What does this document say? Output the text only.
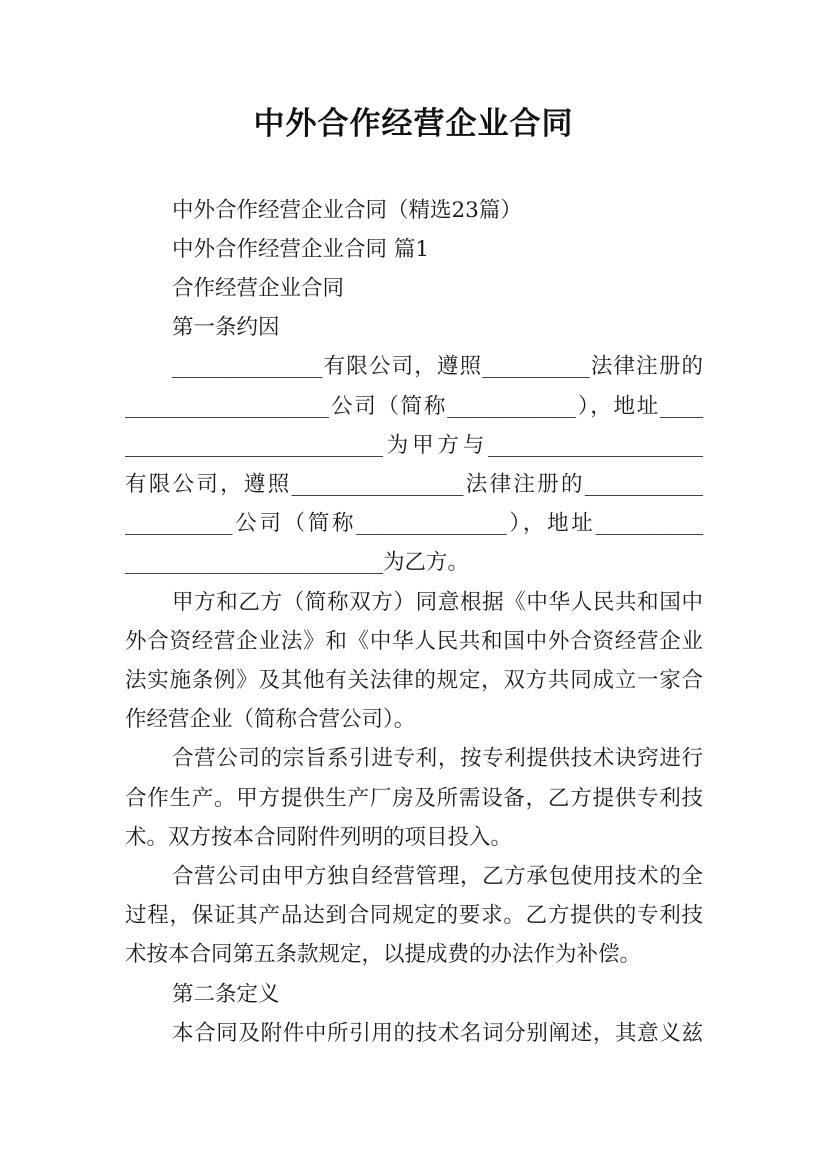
中外合作经营企业合同
中外合作经营企业合同（精选23篇）
中外合作经营企业合同 篇1
合作经营企业合同
第一条约因
______________有限公司，遵照__________法律注册的
___________________公司（简称____________），地址____
________________________为甲方与____________________
有限公司，遵照________________法律注册的___________
__________公司（简称______________），地址__________
________________________为乙方。
甲方和乙方（简称双方）同意根据《中华人民共和国中
外合资经营企业法》和《中华人民共和国中外合资经营企业
法实施条例》及其他有关法律的规定，双方共同成立一家合
作经营企业（简称合营公司）。
合营公司的宗旨系引进专利，按专利提供技术诀窍进行
合作生产。甲方提供生产厂房及所需设备，乙方提供专利技
术。双方按本合同附件列明的项目投入。
合营公司由甲方独自经营管理，乙方承包使用技术的全
过程，保证其产品达到合同规定的要求。乙方提供的专利技
术按本合同第五条款规定，以提成费的办法作为补偿。
第二条定义
本合同及附件中所引用的技术名词分别阐述，其意义兹
